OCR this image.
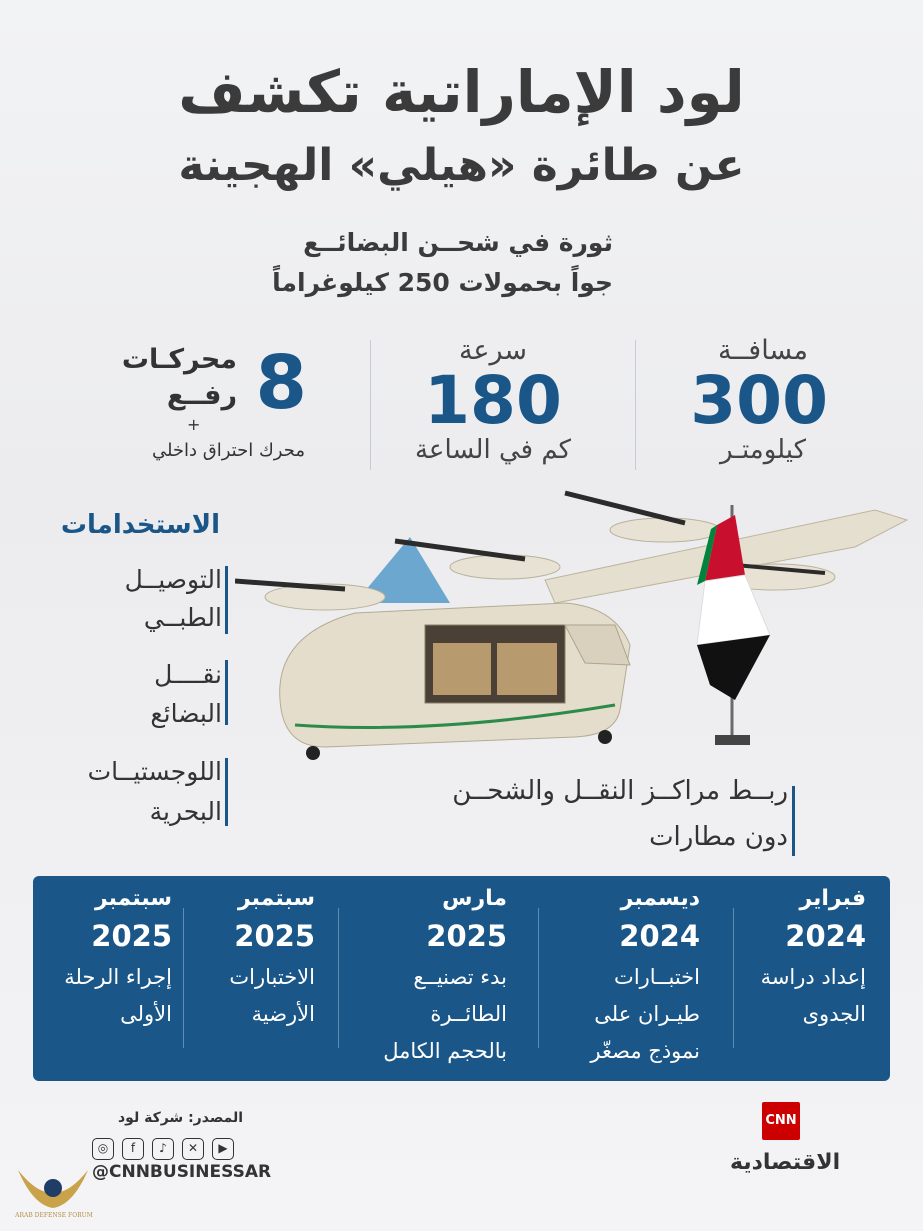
لود الإماراتية تكشف
عن طائرة «هيلي» الهجينة
ثورة في شحــن البضائــع
جواً بحمولات 250 كيلوغراماً
مسافــة
300
كيلومتـر
سرعة
180
كم في الساعة
8
محركـات
رفــع
+
محرك احتراق داخلي
الاستخدامات
التوصيــل
الطبــي
نقــــل
البضائع
اللوجستيــات
البحرية
ربــط مراكــز النقــل والشحــن
دون مطارات
فبراير
2024
إعداد دراسة
الجدوى
ديسمبر
2024
اختبــارات
طيـران على
نموذج مصغّر
مارس
2025
بدء تصنيــع
الطائــرة
بالحجم الكامل
سبتمبر
2025
الاختبارات
الأرضية
سبتمبر
2025
إجراء الرحلة
الأولى
المصدر: شركة لود
◎	f	♪	✕	▶
@CNNBUSINESSAR
CNN
الاقتصادية
ARAB DEFENSE FORUM
